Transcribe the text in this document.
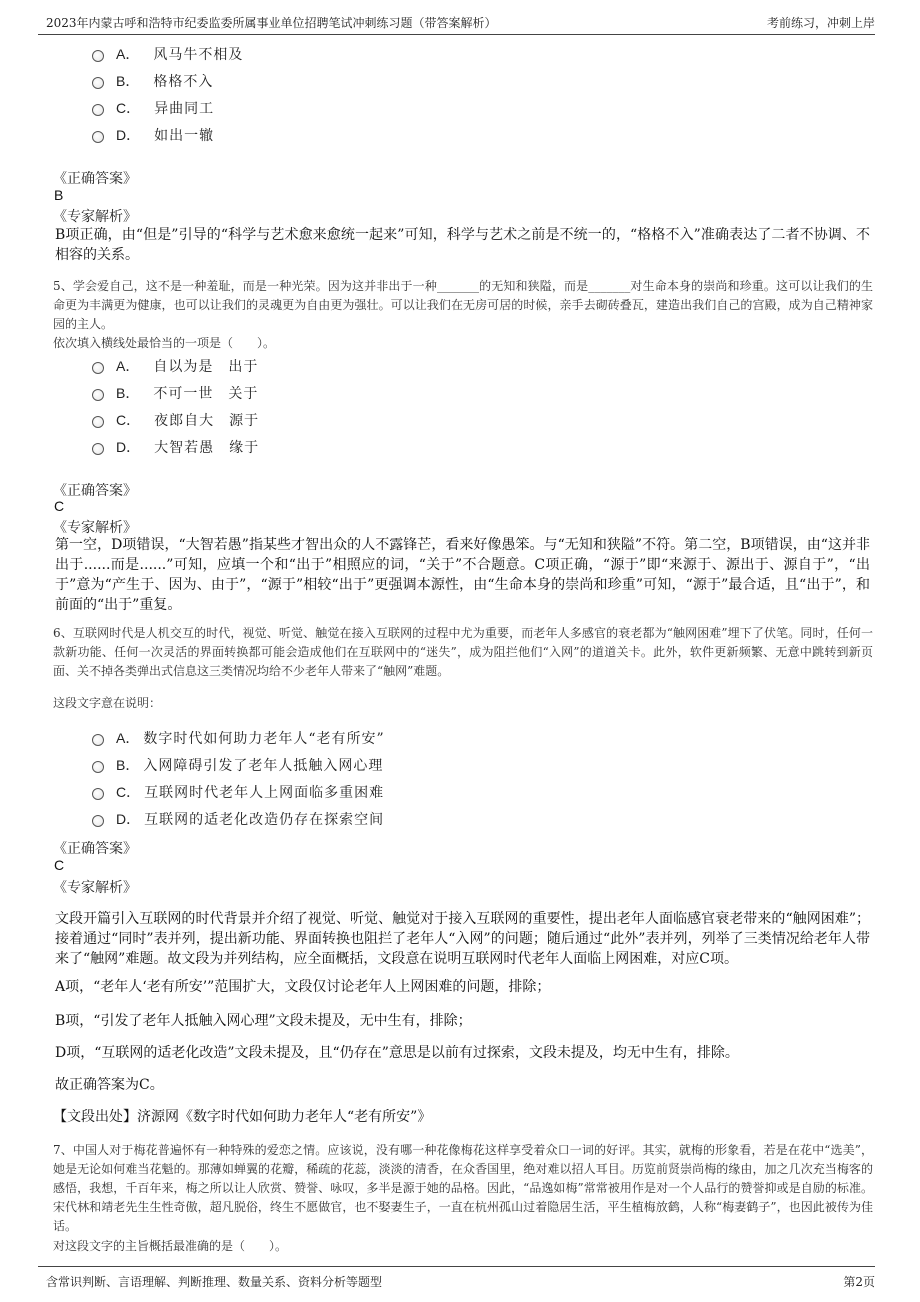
2023年内蒙古呼和浩特市纪委监委所属事业单位招聘笔试冲刺练习题（带答案解析）	考前练习，冲刺上岸
A． 风马牛不相及
B． 格格不入
C． 异曲同工
D． 如出一辙
《正确答案》
B
《专家解析》
B项正确，由“但是”引导的“科学与艺术愈来愈统一起来”可知，科学与艺术之前是不统一的，“格格不入”准确表达了二者不协调、不相容的关系。
5、学会爱自己，这不是一种羞耻，而是一种光荣。因为这并非出于一种_______的无知和狭隘，而是_______对生命本身的崇尚和珍重。这可以让我们的生命更为丰满更为健康，也可以让我们的灵魂更为自由更为强壮。可以让我们在无房可居的时候，亲手去砌砖叠瓦，建造出我们自己的宫殿，成为自己精神家园的主人。
依次填入横线处最恰当的一项是（　　）。
A． 自以为是　出于
B． 不可一世　关于
C． 夜郎自大　源于
D． 大智若愚　缘于
《正确答案》
C
《专家解析》
第一空，D项错误，“大智若愚”指某些才智出众的人不露锋芒，看来好像愚笨。与“无知和狭隘”不符。第二空，B项错误，由“这并非出于......而是......”可知，应填一个和“出于”相照应的词，“关于”不合题意。C项正确，“源于”即“来源于、源出于、源自于”，“出于”意为“产生于、因为、由于”，“源于”相较“出于”更强调本源性，由“生命本身的崇尚和珍重”可知，“源于”最合适，且“出于”，和前面的“出于”重复。
6、互联网时代是人机交互的时代，视觉、听觉、触觉在接入互联网的过程中尤为重要，而老年人多感官的衰老都为“触网困难”埋下了伏笔。同时，任何一款新功能、任何一次灵活的界面转换都可能会造成他们在互联网中的“迷失”，成为阻拦他们“入网”的道道关卡。此外，软件更新频繁、无意中跳转到新页面、关不掉各类弹出式信息这三类情况均给不少老年人带来了“触网”难题。
这段文字意在说明：
A． 数字时代如何助力老年人“老有所安”
B． 入网障碍引发了老年人抵触入网心理
C． 互联网时代老年人上网面临多重困难
D． 互联网的适老化改造仍存在探索空间
《正确答案》
C
《专家解析》
文段开篇引入互联网的时代背景并介绍了视觉、听觉、触觉对于接入互联网的重要性，提出老年人面临感官衰老带来的“触网困难”；接着通过“同时”表并列，提出新功能、界面转换也阻拦了老年人“入网”的问题；随后通过“此外”表并列，列举了三类情况给老年人带来了“触网”难题。故文段为并列结构，应全面概括，文段意在说明互联网时代老年人面临上网困难，对应C项。
A项，“老年人‘老有所安’”范围扩大，文段仅讨论老年人上网困难的问题，排除；
B项，“引发了老年人抵触入网心理”文段未提及，无中生有，排除；
D项，“互联网的适老化改造”文段未提及，且“仍存在”意思是以前有过探索，文段未提及，均无中生有，排除。
故正确答案为C。
【文段出处】济源网《数字时代如何助力老年人“老有所安”》
7、中国人对于梅花普遍怀有一种特殊的爱恋之情。应该说，没有哪一种花像梅花这样享受着众口一词的好评。其实，就梅的形象看，若是在花中“选美”，她是无论如何难当花魁的。那薄如蝉翼的花瓣，稀疏的花蕊，淡淡的清香，在众香国里，绝对难以招人耳目。历览前贤崇尚梅的缘由，加之几次充当梅客的感悟，我想，千百年来，梅之所以让人欣赏、赞誉、咏叹，多半是源于她的品格。因此，“品逸如梅”常常被用作是对一个人品行的赞誉抑或是自励的标准。宋代林和靖老先生生性奇傲，超凡脱俗，终生不愿做官，也不娶妻生子，一直在杭州孤山过着隐居生活，平生植梅放鹤，人称“梅妻鹤子”，也因此被传为佳话。
对这段文字的主旨概括最准确的是（　　）。
含常识判断、言语理解、判断推理、数量关系、资料分析等题型	第2页
